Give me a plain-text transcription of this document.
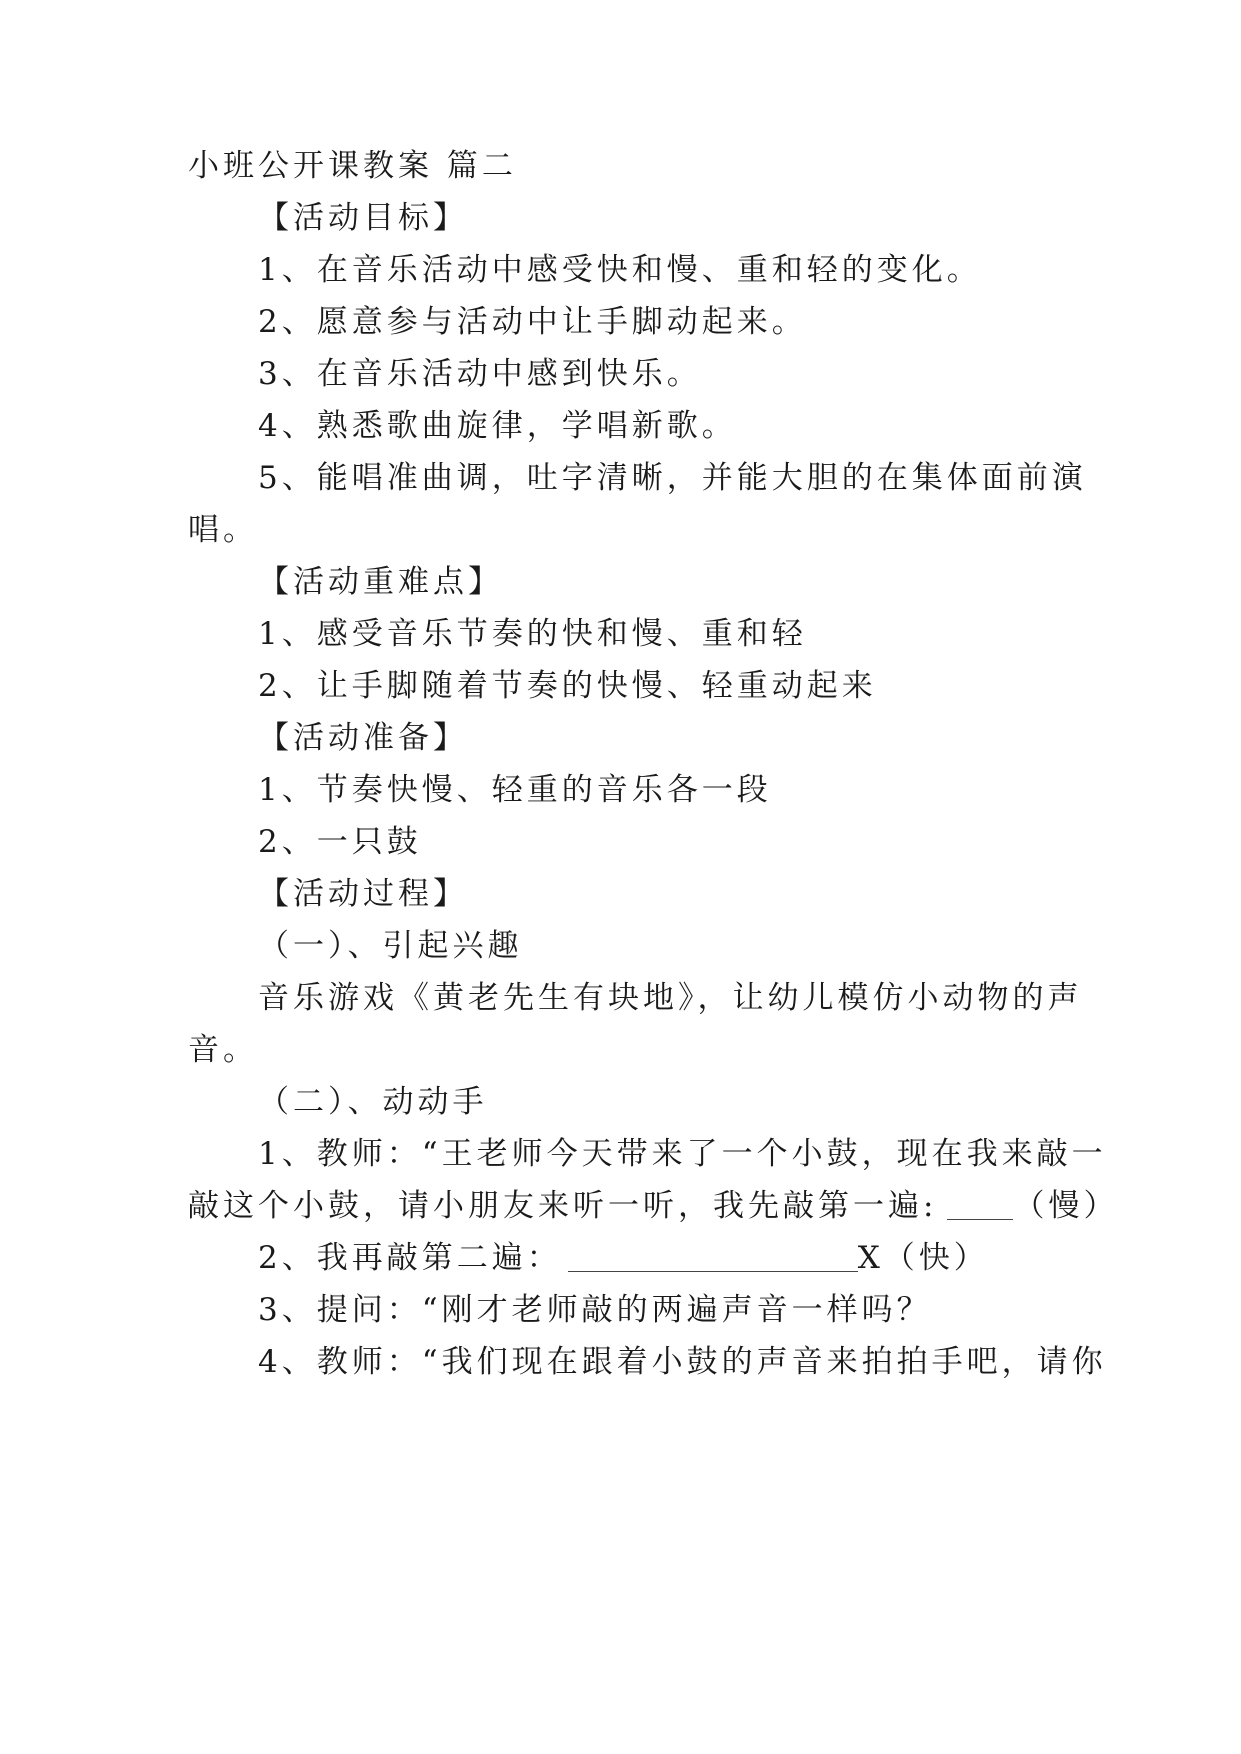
小班公开课教案 篇二
【活动目标】
1、在音乐活动中感受快和慢、重和轻的变化。
2、愿意参与活动中让手脚动起来。
3、在音乐活动中感到快乐。
4、熟悉歌曲旋律，学唱新歌。
5、能唱准曲调，吐字清晰，并能大胆的在集体面前演
唱。
【活动重难点】
1、感受音乐节奏的快和慢、重和轻
2、让手脚随着节奏的快慢、轻重动起来
【活动准备】
1、节奏快慢、轻重的音乐各一段
2、一只鼓
【活动过程】
（一）、引起兴趣
音乐游戏《黄老先生有块地》，让幼儿模仿小动物的声
音。
（二）、动动手
1、教师：“王老师今天带来了一个小鼓，现在我来敲一
敲这个小鼓，请小朋友来听一听，我先敲第一遍: （慢）
2、我再敲第二遍：	X（快）
3、提问：“刚才老师敲的两遍声音一样吗？
4、教师：“我们现在跟着小鼓的声音来拍拍手吧，请你
